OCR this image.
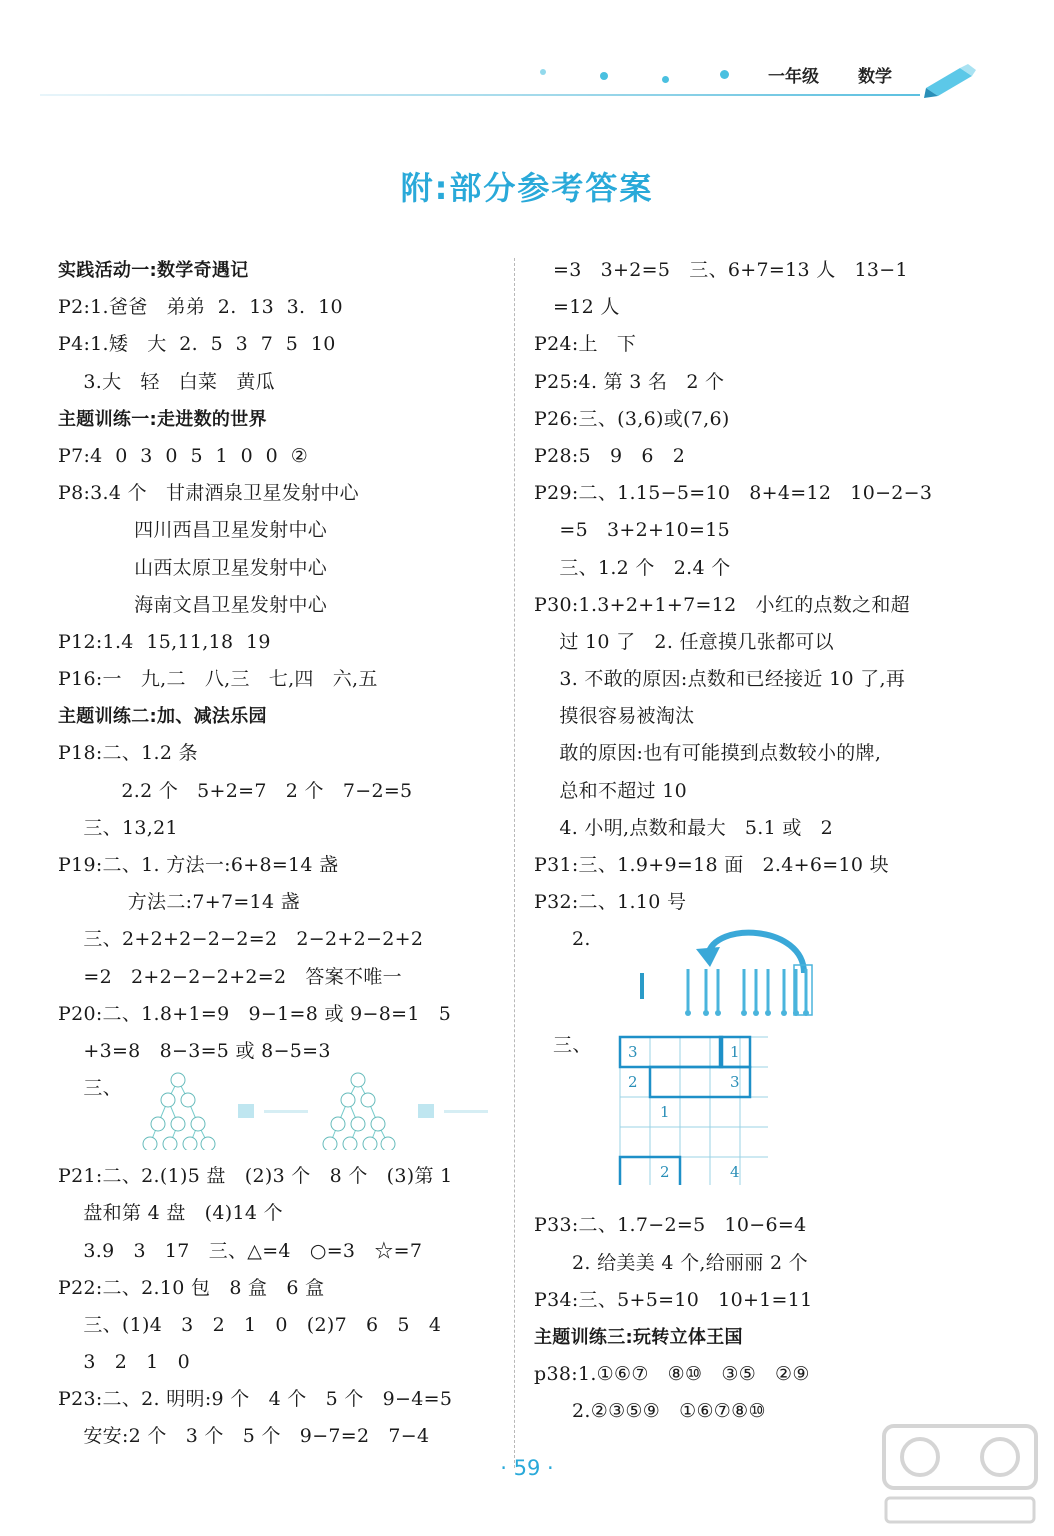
一年级 数学
附:部分参考答案
实践活动一:数学奇遇记
P2:1.爸爸   弟弟  2.  13  3.  10
P4:1.矮   大  2.  5  3  7  5  10
3.大   轻   白菜   黄瓜
主题训练一:走进数的世界
P7:4  0  3  0  5  1  0  0  ②
P8:3.4 个   甘肃酒泉卫星发射中心
四川西昌卫星发射中心
山西太原卫星发射中心
海南文昌卫星发射中心
P12:1.4  15,11,18  19
P16:一   九,二   八,三   七,四   六,五
主题训练二:加、减法乐园
P18:二、1.2 条
2.2 个   5+2=7   2 个   7−2=5
三、13,21
P19:二、1. 方法一:6+8=14 盏
方法二:7+7=14 盏
三、2+2+2−2−2=2   2−2+2−2+2
=2   2+2−2−2+2=2   答案不唯一
P20:二、1.8+1=9   9−1=8 或 9−8=1   5
+3=8   8−3=5 或 8−5=3
三、
P21:二、2.(1)5 盘   (2)3 个   8 个   (3)第 1
盘和第 4 盘   (4)14 个
3.9   3   17   三、△=4   ○=3   ☆=7
P22:二、2.10 包   8 盒   6 盒
三、(1)4   3   2   1   0   (2)7   6   5   4
3   2   1   0
P23:二、2. 明明:9 个   4 个   5 个   9−4=5
安安:2 个   3 个   5 个   9−7=2   7−4
=3   3+2=5   三、6+7=13 人   13−1
=12 人
P24:上   下
P25:4. 第 3 名   2 个
P26:三、(3,6)或(7,6)
P28:5   9   6   2
P29:二、1.15−5=10   8+4=12   10−2−3
=5   3+2+10=15
三、1.2 个   2.4 个
P30:1.3+2+1+7=12   小红的点数之和超
过 10 了   2. 任意摸几张都可以
3. 不敢的原因:点数和已经接近 10 了,再
摸很容易被淘汰
敢的原因:也有可能摸到点数较小的牌,
总和不超过 10
4. 小明,点数和最大   5.1 或   2
P31:三、1.9+9=18 面   2.4+6=10 块
P32:二、1.10 号
2.
三、 3	1
2	3
1
2	4
P33:二、1.7−2=5   10−6=4
2. 给美美 4 个,给丽丽 2 个
P34:三、5+5=10   10+1=11
主题训练三:玩转立体王国
p38:1.①⑥⑦   ⑧⑩   ③⑤   ②⑨
2.②③⑤⑨   ①⑥⑦⑧⑩
· 59 ·
